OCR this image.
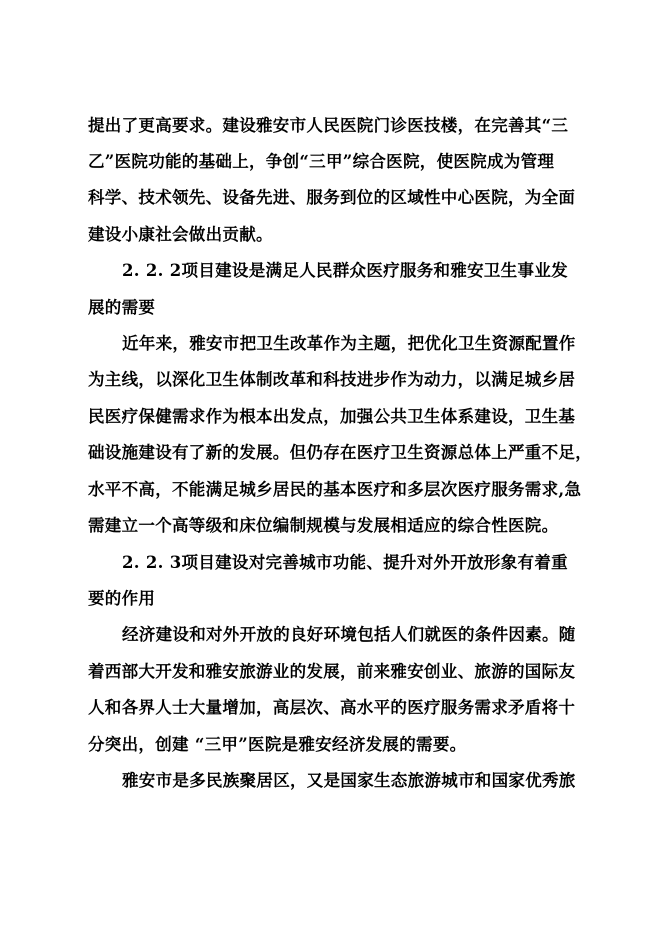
提出了更高要求。建设雅安市人民医院门诊医技楼，在完善其“三
乙”医院功能的基础上，争创“三甲”综合医院，使医院成为管理
科学、技术领先、设备先进、服务到位的区域性中心医院，为全面
建设小康社会做出贡献。
2. 2. 2项目建设是满足人民群众医疗服务和雅安卫生事业发
展的需要
近年来，雅安市把卫生改革作为主题，把优化卫生资源配置作
为主线，以深化卫生体制改革和科技进步作为动力，以满足城乡居
民医疗保健需求作为根本出发点，加强公共卫生体系建设，卫生基
础设施建设有了新的发展。但仍存在医疗卫生资源总体上严重不足，
水平不高，不能满足城乡居民的基本医疗和多层次医疗服务需求,急
需建立一个高等级和床位编制规模与发展相适应的综合性医院。
2. 2. 3项目建设对完善城市功能、提升对外开放形象有着重
要的作用
经济建设和对外开放的良好环境包括人们就医的条件因素。随
着西部大开发和雅安旅游业的发展，前来雅安创业、旅游的国际友
人和各界人士大量增加，高层次、高水平的医疗服务需求矛盾将十
分突出，创建 “三甲”医院是雅安经济发展的需要。
雅安市是多民族聚居区，又是国家生态旅游城市和国家优秀旅
